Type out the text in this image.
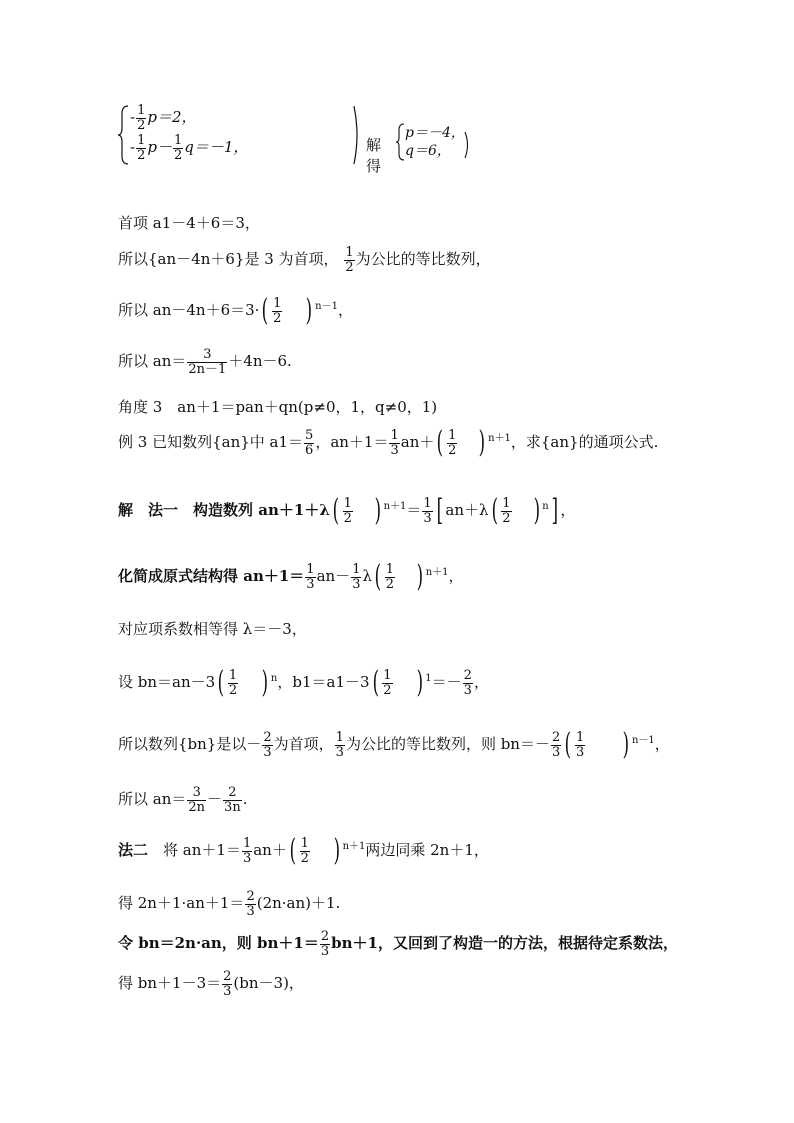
- $\frac{1}{2} p=2$，
- $\frac{1}{2} p- \frac{1}{2} q=-1$，	解得
p＝－4，
q＝6，
首项 a1－4＋6＝3，
所以{an－4n＋6}是 3 为首项， $\frac{1}{2}$ 为公比的等比数列，
所以 $an-4n+6=3\cdot( \frac{1}{2}$ ) $^{n-1}$，
所以 $an= \frac{3}{2n-1} +4n-6$.
角度 3　an＋1＝pan＋qn(p≠0，1，q≠0，1)
例 3 已知数列{an}中 $a1= \frac{5}{6}$ ，$an+1= \frac{1}{3} an+( \frac{1}{2}$ ) $^{n+1}$，求{an}的通项公式.
解　法一　 构造数列 $an+1+\lambda( \frac{1}{2}$ ) $^{n+1}= \frac{1}{3}$ [ $an+\lambda( \frac{1}{2}$ ) $^n$] ，
化简成原式结构得 $an+1= \frac{1}{3} an- \frac{1}{3} \lambda( \frac{1}{2}$ ) $^{n+1}$，
对应项系数相等得 λ＝－3，
设 $bn=an-3( \frac{1}{2}$ ) $^n$，$b1=a1-3( \frac{1}{2}$ ) $^1=- \frac{2}{3}$ ，
所以数列{bn}是以－ $\frac{2}{3}$ 为首项， $\frac{1}{3}$ 为公比的等比数列，则 $bn=- \frac{2}{3}$ ( $\frac{1}{3}$ ) $^{n-1}$，
所以 $an= \frac{3}{2n} - \frac{2}{3n}$ .
法二　 将 $an+1= \frac{1}{3} an+( \frac{1}{2}$ ) $^{n+1}$两边同乘 2n＋1，
得 $2n+1\cdot an+1= \frac{2}{3} (2n\cdot an)+1$.
令 bn＝2n·an，则 $bn+1= \frac{2}{3} bn+1$，又回到了构造一的方法，根据待定系数法，
得 $bn+1-3= \frac{2}{3} (bn-3)$，
